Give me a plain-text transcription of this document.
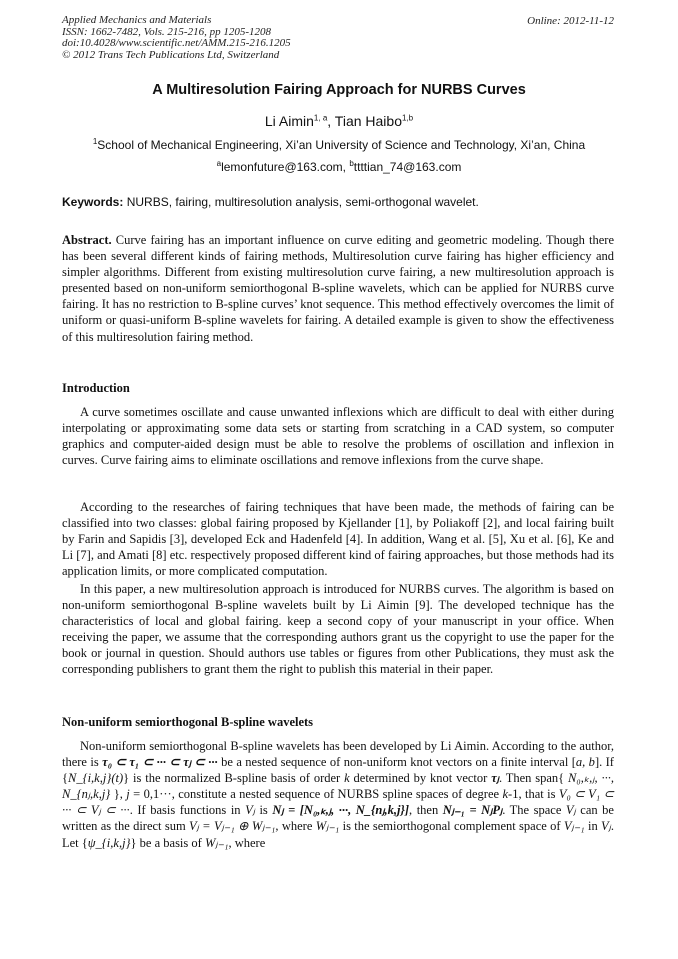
Applied Mechanics and Materials
ISSN: 1662-7482, Vols. 215-216, pp 1205-1208
doi:10.4028/www.scientific.net/AMM.215-216.1205
© 2012 Trans Tech Publications Ltd, Switzerland
Online: 2012-11-12
A Multiresolution Fairing Approach for NURBS Curves
Li Aimin$^{1, a}$, Tian Haibo$^{1,b}$
$^1$School of Mechanical Engineering, Xi’an University of Science and Technology, Xi’an, China
$^a$lemonfuture@163.com, $^b$ttttian_74@163.com
Keywords: NURBS, fairing, multiresolution analysis, semi-orthogonal wavelet.
Abstract. Curve fairing has an important influence on curve editing and geometric modeling. Though there has been several different kinds of fairing methods, Multiresolution curve fairing has higher efficiency and simpler algorithms. Different from existing multiresolution curve fairing, a new multiresolution approach is presented based on non-uniform semiorthogonal B-spline wavelets, which can be applied for NURBS curve fairing. It has no restriction to B-spline curves’ knot sequence. This method effectively overcomes the limit of uniform or quasi-uniform B-spline wavelets for fairing. A detailed example is given to show the effectiveness of this multiresolution fairing method.
Introduction
A curve sometimes oscillate and cause unwanted inflexions which are difficult to deal with either during interpolating or approximating some data sets or starting from scratching in a CAD system, so computer graphics and computer-aided design must be able to resolve the problems of oscillation and inflexion in curves. Curve fairing aims to eliminate oscillations and remove inflexions from the curve shape.
According to the researches of fairing techniques that have been made, the methods of fairing can be classified into two classes: global fairing proposed by Kjellander [1], by Poliakoff [2], and local fairing built by Farin and Sapidis [3], developed Eck and Hadenfeld [4]. In addition, Wang et al. [5], Xu et al. [6], Ke and Li [7], and Amati [8] etc. respectively proposed different kind of fairing approaches, but those methods had its application limits, or more complicated computation.
In this paper, a new multiresolution approach is introduced for NURBS curves. The algorithm is based on non-uniform semiorthogonal B-spline wavelets built by Li Aimin [9]. The developed technique has the characteristics of local and global fairing. keep a second copy of your manuscript in your office. When receiving the paper, we assume that the corresponding authors grant us the copyright to use the paper for the book or journal in question. Should authors use tables or figures from other Publications, they must ask the corresponding publishers to grant them the right to publish this material in their paper.
Non-uniform semiorthogonal B-spline wavelets
Non-uniform semiorthogonal B-spline wavelets has been developed by Li Aimin. According to the author, there is τ₀ ⊂ τ₁ ⊂ ··· ⊂ τⱼ ⊂ ··· be a nested sequence of non-uniform knot vectors on a finite interval [a, b]. If {N_{i,k,j}(t)} is the normalized B-spline basis of order k determined by knot vector τⱼ. Then span{ N₀,ₖ,ⱼ, ···, N_{nⱼ,k,j} }, j = 0,1···, constitute a nested sequence of NURBS spline spaces of degree k-1, that is V₀ ⊂ V₁ ⊂ ··· ⊂ Vⱼ ⊂ ···. If basis functions in Vⱼ is Nⱼ = [N₀,ₖ,ⱼ, ···, N_{nⱼ,k,j}], then Nⱼ₋₁ = NⱼPⱼ. The space Vⱼ can be written as the direct sum Vⱼ = Vⱼ₋₁ ⊕ Wⱼ₋₁, where Wⱼ₋₁ is the semiorthogonal complement space of Vⱼ₋₁ in Vⱼ. Let {ψ_{i,k,j}} be a basis of Wⱼ₋₁, where
